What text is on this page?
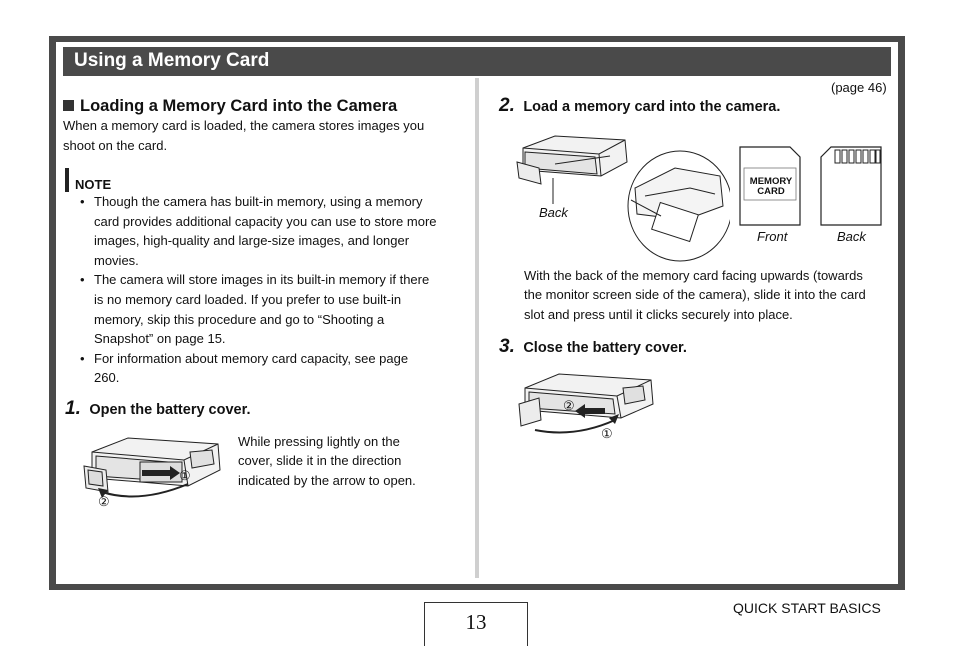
Using a Memory Card
(page 46)
Loading a Memory Card into the Camera
When a memory card is loaded, the camera stores images you
shoot on the card.
NOTE
• Though the camera has built-in memory, using a memory
card provides additional capacity you can use to store more
images, high-quality and large-size images, and longer
movies.
• The camera will store images in its built-in memory if there
is no memory card loaded. If you prefer to use built-in
memory, skip this procedure and go to “Shooting a
Snapshot” on page 15.
• For information about memory card capacity, see page
260.
1. Open the battery cover.
①
②
While pressing lightly on the
cover, slide it in the direction
indicated by the arrow to open.
2. Load a memory card into the camera.
Back
MEMORY
CARD
Front	Back
With the back of the memory card facing upwards (towards
the monitor screen side of the camera), slide it into the card
slot and press until it clicks securely into place.
3. Close the battery cover.
②
①
13
QUICK START BASICS
